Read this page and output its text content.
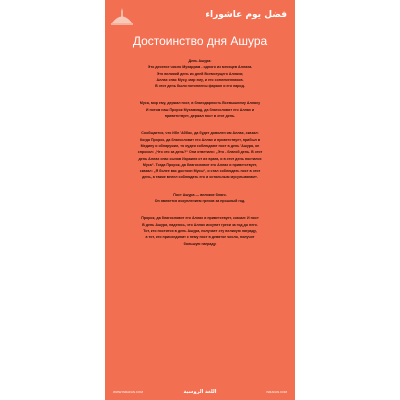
فضل يوم عاشوراء
Достоинство дня Ашура
День Ашура:
Это десятое число Мухаррам - одного из месяцев Аллаха.
Это великий день из дней Всемогущего Аллаха;
Аллах спас Мусу, мир ему, и его соплеменников.
В этот день были потоплены фараон и его народ.
Муса, мир ему, держал пост, в благодарность Всевышнему Аллаху
И потом наш Пророк Мухаммад, да благословит его Аллах и
приветствует, держал пост в этот день.
Сообщается, что Ибн 'Аббас, да будет доволен им Аллах, сказал:
Когда Пророк, да благословит его Аллах и приветствует, прибыл в
Медину и обнаружил, то иудеи соблюдают пост в день 'Ашура, он
спросил: „Что это за день?“ Они ответили: „Это - благой день. В этот
день Аллах спас сынов Израиля от их врага, и в этот день постился
Муса“. Тогда Пророк, да благословит его Аллах и приветствует,
сказал: „Я более вас достоин Мусы“, и стал соблюдать пост в этот
день, а также велел соблюдать его и остальным мусульманам».
Пост Ашура — великое благо.
Он является искуплением грехов за прошлый год.
Пророк, да благословит его Аллах и приветствует, сказал: И пост
В день Ашура, надеюсь, что Аллах искупит грехи за год до него.
Тот, кто постится в день Ашура, получает эту великую награду,
а тот, кто присоединит к нему пост в девятое число, получит
большую награду.
WWW.ISRAFAN.COM	اللغة الروسية	ISRAFAN.COM
